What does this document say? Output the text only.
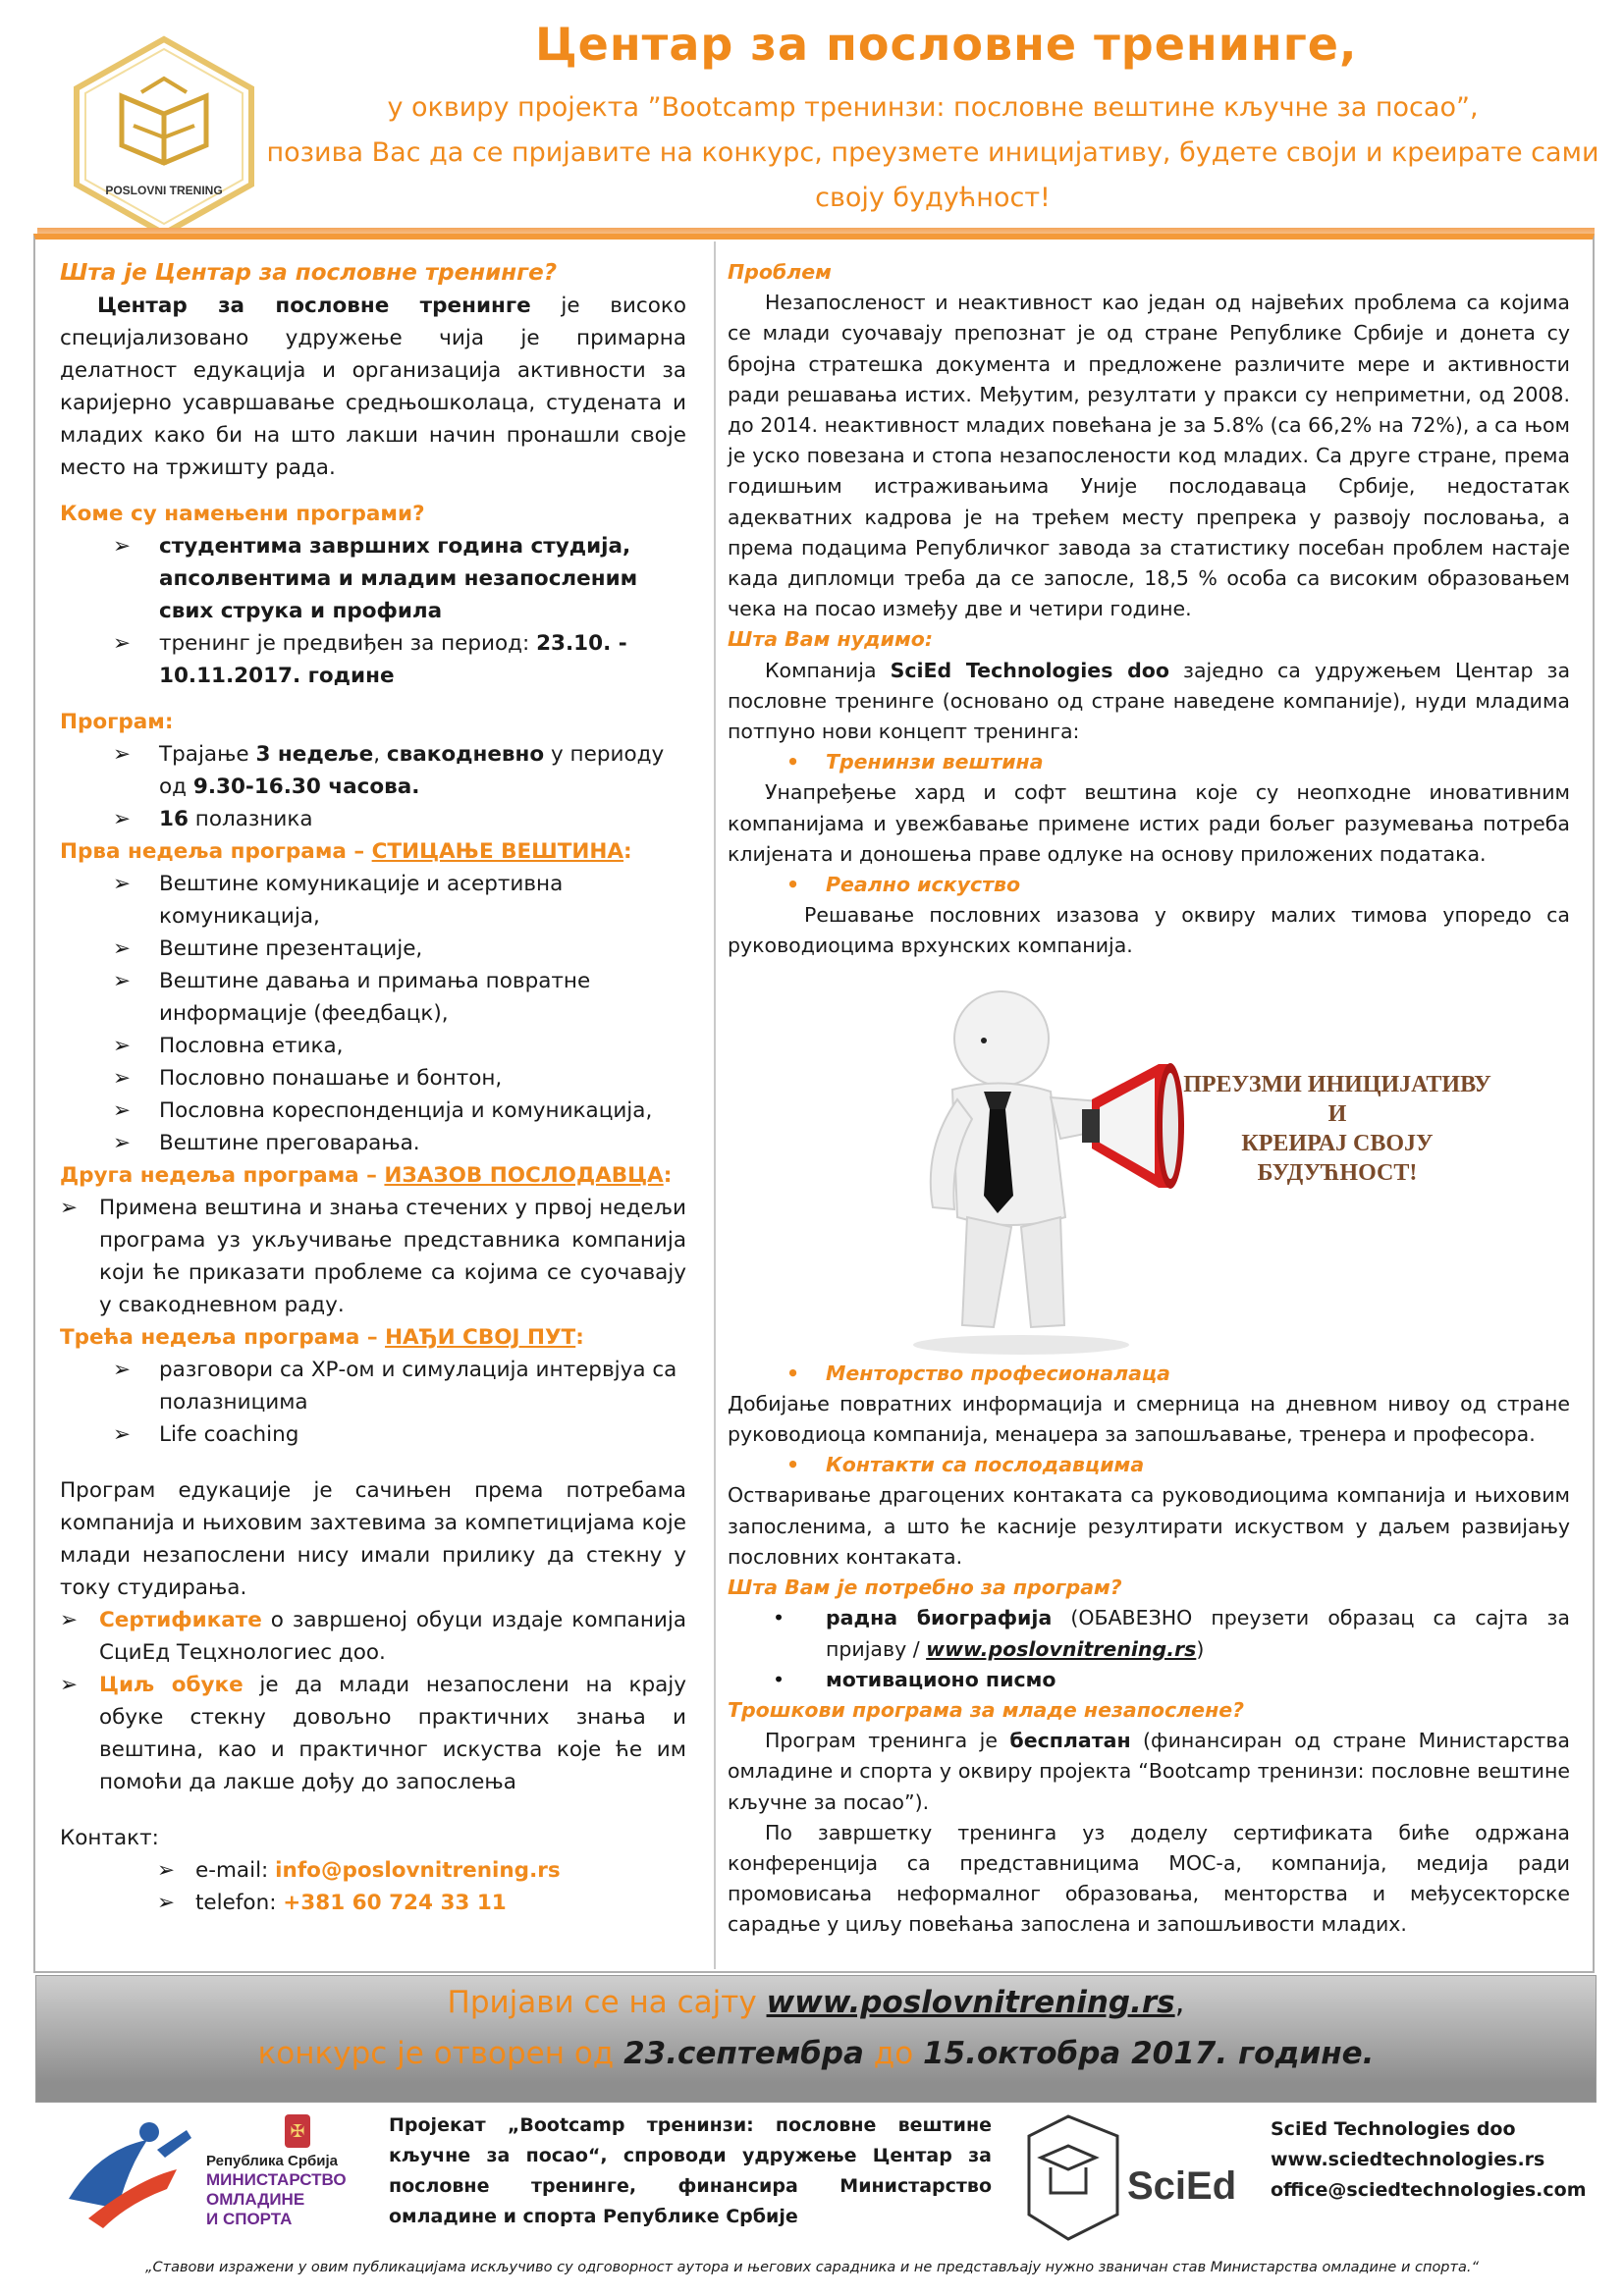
POSLOVNI TRENING
Центар за пословне тренинге,
у оквиру пројекта ”Bootcamp тренинзи: пословне вештине кључне за посао”,
позива Вас да се пријавите на конкурс, преузмете иницијативу, будете своји и креирате сами
своју будућност!
Шта је Центар за пословне тренинге?
Центар за пословне тренинге је високо специјализовано удружење чија је примарна делатност едукација и организација активности за каријерно усавршавање средњошколаца, студената и младих како би на што лакши начин пронашли своје место на тржишту рада.
Коме су намењени програми?
➢ студентима завршних година студија, апсолвентима и младим незапосленим свих струка и профила
➢ тренинг је предвиђен за период: 23.10. - 10.11.2017. године
Програм:
➢ Трајање 3 недеље, свакодневно у периоду од 9.30-16.30 часова.
➢ 16 полазника
Прва недеља програма – СТИЦАЊЕ ВЕШТИНА:
➢ Вештине комуникације и асертивна комуникација,
➢ Вештине презентације,
➢ Вештине давања и примања повратне информације (феедбацк),
➢ Пословна етика,
➢ Пословно понашање и бонтон,
➢ Пословна кореспонденција и комуникација,
➢ Вештине преговарања.
Друга недеља програма – ИЗАЗОВ ПОСЛОДАВЦА:
➢ Примена вештина и знања стечених у првој недељи програма уз укључивање представника компанија који ће приказати проблеме са којима се суочавају у свакодневном раду.
Трећа недеља програма – НАЂИ СВОЈ ПУТ:
➢ разговори са ХР-ом и симулација интервјуа са полазницима
➢ Life coaching
Програм едукације је сачињен према потребама компанија и њиховим захтевима за компетицијама које млади незапослени нису имали прилику да стекну у току студирања.
➢ Сертификате о завршеној обуци издаје компанија СциЕд Тецхнологиес доо.
➢ Циљ обуке је да млади незапослени на крају обуке стекну довољно практичних знања и вештина, као и практичног искуства које ће им помоћи да лакше дођу до запослења
Контакт:
➢ e-mail: info@poslovnitrening.rs
➢ telefon: +381 60 724 33 11
Проблем
Незапосленост и неактивност као један од највећих проблема са којима се млади суочавају препознат је од стране Републике Србије и донета су бројна стратешка документа и предложене различите мере и активности ради решавања истих. Међутим, резултати у пракси су неприметни, од 2008. до 2014. неактивност младих повећана је за 5.8% (са 66,2% на 72%), а са њом је уско повезана и стопа незапослености код младих. Са друге стране, према годишњим истраживањима Уније послодаваца Србије, недостатак адекватних кадрова је на трећем месту препрека у развоју пословања, а према подацима Републичког завода за статистику посебан проблем настаје када дипломци треба да се запосле, 18,5 % особа са високим образовањем чека на посао између две и четири године.
Шта Вам нудимо:
Компанија SciEd Technologies doo заједно са удружењем Центар за пословне тренинге (основано од стране наведене компаније), нуди младима потпуно нови концепт тренинга:
• Тренинзи вештина
Унапређење хард и софт вештина које су неопходне иновативним компанијама и увежбавање примене истих ради бољег разумевања потреба клијената и доношења праве одлуке на основу приложених података.
• Реално искуство
Решавање пословних изазова у оквиру малих тимова упоредо са руководиоцима врхунских компанија.
• Менторство професионалаца
Добијање повратних информација и смерница на дневном нивоу од стране руководиоца компанија, менаџера за запошљавање, тренера и професора.
• Контакти са послодавцима
Остваривање драгоцених контаката са руководиоцима компанија и њиховим запосленима, а што ће касније резултирати искуством у даљем развијању пословних контаката.
Шта Вам је потребно за програм?
• радна биографија (ОБАВЕЗНО преузети образац са сајта за пријаву / www.poslovnitrening.rs)
• мотивационо писмо
Трошкови програма за младе незапослене?
Програм тренинга је бесплатан (финансиран од стране Министарства омладине и спорта у оквиру пројекта “Bootcamp тренинзи: пословне вештине кључне за посао”).
По завршетку тренинга уз доделу сертификата биће одржана конференција са представницима МОС-а, компанија, медија ради промовисања неформалног образовања, менторства и међусекторске сарадње у циљу повећања запослена и запошљивости младих.
ПРЕУЗМИ ИНИЦИЈАТИВУ
И
КРЕИРАЈ СВОЈУ
БУДУЋНОСТ!
Пријави се на сајту www.poslovnitrening.rs,
конкурс је отворен од 23.септембра до 15.октобра 2017. године.
✠
Република Србија
МИНИСТАРСТВО
ОМЛАДИНЕ
И СПОРТА
Пројекат „Bootcamp тренинзи: пословне вештине кључне за посао“, спроводи удружење Центар за пословне тренинге, финансира Министарство омладине и спорта Републике Србије
SciEd
SciEd Technologies doo
www.sciedtechnologies.rs
office@sciedtechnologies.com
„Ставови изражени у овим публикацијама искључиво су одговорност аутора и његових сарадника и не представљају нужно званичан став Министарства омладине и спорта.“
